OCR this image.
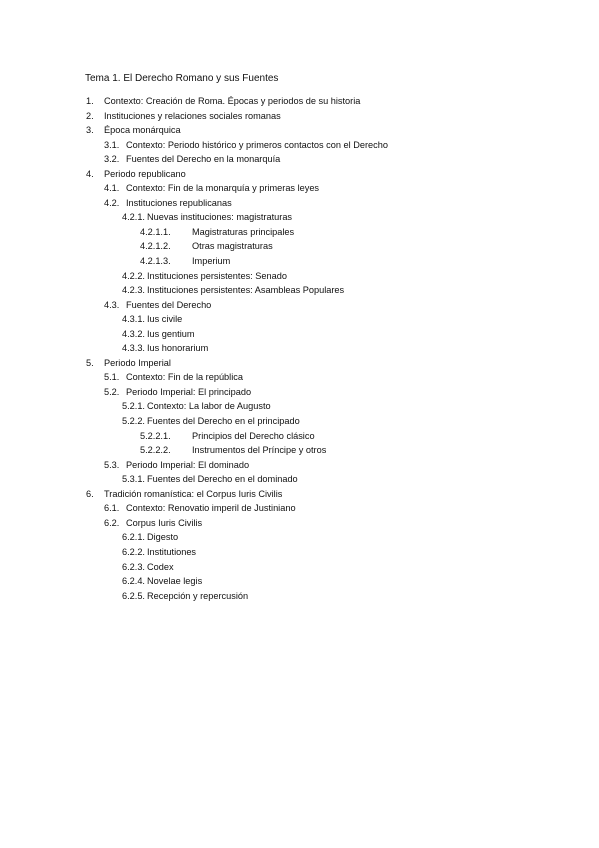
Tema 1. El Derecho Romano y sus Fuentes
1. Contexto: Creación de Roma. Épocas y periodos de su historia
2. Instituciones y relaciones sociales romanas
3. Época monárquica
3.1. Contexto: Periodo histórico y primeros contactos con el Derecho
3.2. Fuentes del Derecho en la monarquía
4. Periodo republicano
4.1. Contexto: Fin de la monarquía y primeras leyes
4.2. Instituciones republicanas
4.2.1. Nuevas instituciones: magistraturas
4.2.1.1. Magistraturas principales
4.2.1.2. Otras magistraturas
4.2.1.3. Imperium
4.2.2. Instituciones persistentes: Senado
4.2.3. Instituciones persistentes: Asambleas Populares
4.3. Fuentes del Derecho
4.3.1. Ius civile
4.3.2. Ius gentium
4.3.3. Ius honorarium
5. Periodo Imperial
5.1. Contexto: Fin de la república
5.2. Periodo Imperial: El principado
5.2.1. Contexto: La labor de Augusto
5.2.2. Fuentes del Derecho en el principado
5.2.2.1. Principios del Derecho clásico
5.2.2.2. Instrumentos del Príncipe y otros
5.3. Periodo Imperial: El dominado
5.3.1. Fuentes del Derecho en el dominado
6. Tradición romanística: el Corpus Iuris Civilis
6.1. Contexto: Renovatio imperil de Justiniano
6.2. Corpus Iuris Civilis
6.2.1. Digesto
6.2.2. Institutiones
6.2.3. Codex
6.2.4. Novelae legis
6.2.5. Recepción y repercusión
